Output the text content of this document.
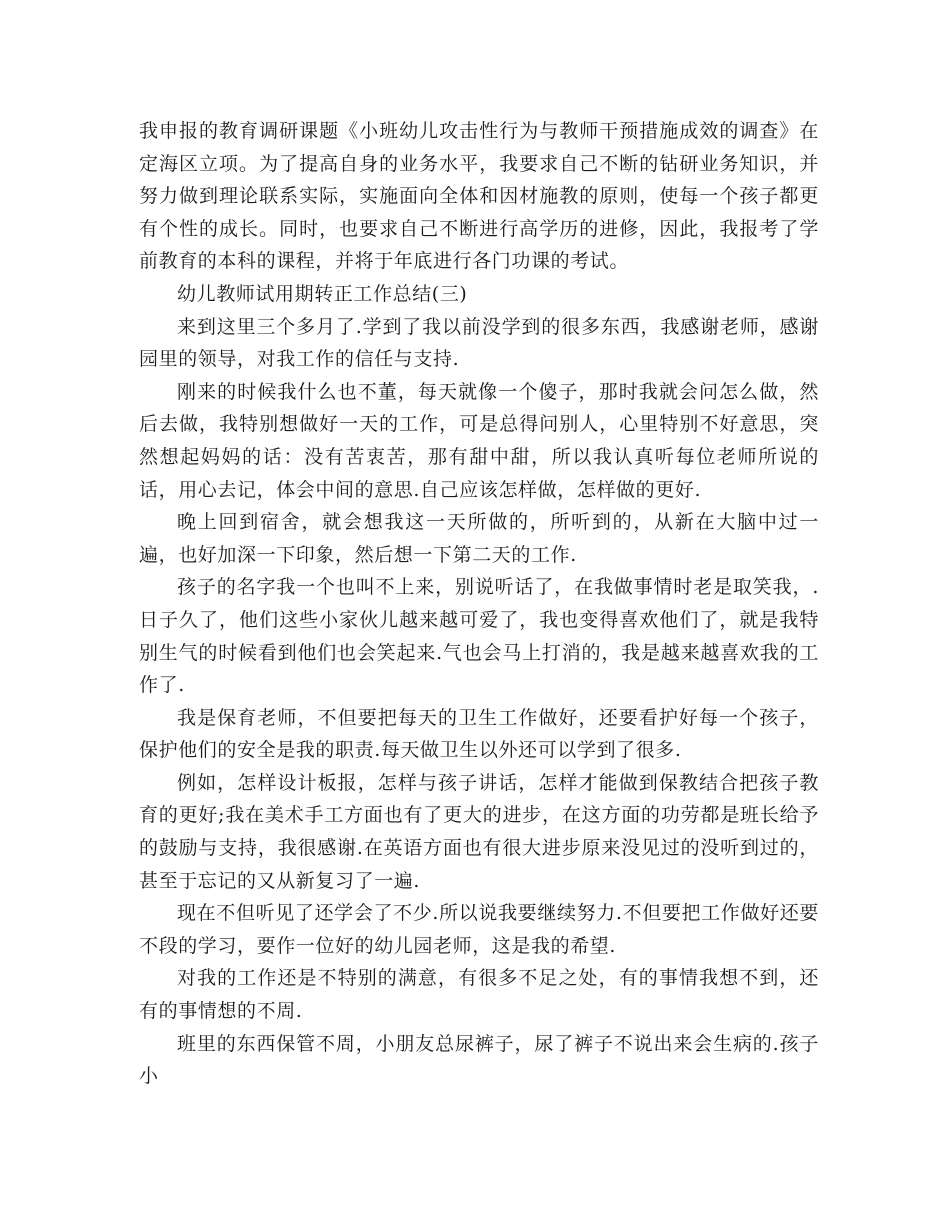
我申报的教育调研课题《小班幼儿攻击性行为与教师干预措施成效的调查》在定海区立项。为了提高自身的业务水平，我要求自己不断的钻研业务知识，并努力做到理论联系实际，实施面向全体和因材施教的原则，使每一个孩子都更有个性的成长。同时，也要求自己不断进行高学历的进修，因此，我报考了学前教育的本科的课程，并将于年底进行各门功课的考试。

幼儿教师试用期转正工作总结(三)

来到这里三个多月了.学到了我以前没学到的很多东西，我感谢老师，感谢园里的领导，对我工作的信任与支持.

刚来的时候我什么也不董，每天就像一个傻子，那时我就会问怎么做，然后去做，我特别想做好一天的工作，可是总得问别人，心里特别不好意思，突然想起妈妈的话：没有苦衷苦，那有甜中甜，所以我认真听每位老师所说的话，用心去记，体会中间的意思.自己应该怎样做，怎样做的更好.

晚上回到宿舍，就会想我这一天所做的，所听到的，从新在大脑中过一遍，也好加深一下印象，然后想一下第二天的工作.

孩子的名字我一个也叫不上来，别说听话了，在我做事情时老是取笑我，.日子久了，他们这些小家伙儿越来越可爱了，我也变得喜欢他们了，就是我特别生气的时候看到他们也会笑起来.气也会马上打消的，我是越来越喜欢我的工作了.

我是保育老师，不但要把每天的卫生工作做好，还要看护好每一个孩子，保护他们的安全是我的职责.每天做卫生以外还可以学到了很多.

例如，怎样设计板报，怎样与孩子讲话，怎样才能做到保教结合把孩子教育的更好;我在美术手工方面也有了更大的进步，在这方面的功劳都是班长给予的鼓励与支持，我很感谢.在英语方面也有很大进步原来没见过的没听到过的，甚至于忘记的又从新复习了一遍.

现在不但听见了还学会了不少.所以说我要继续努力.不但要把工作做好还要不段的学习，要作一位好的幼儿园老师，这是我的希望.

对我的工作还是不特别的满意，有很多不足之处，有的事情我想不到，还有的事情想的不周.

班里的东西保管不周，小朋友总尿裤子，尿了裤子不说出来会生病的.孩子小
